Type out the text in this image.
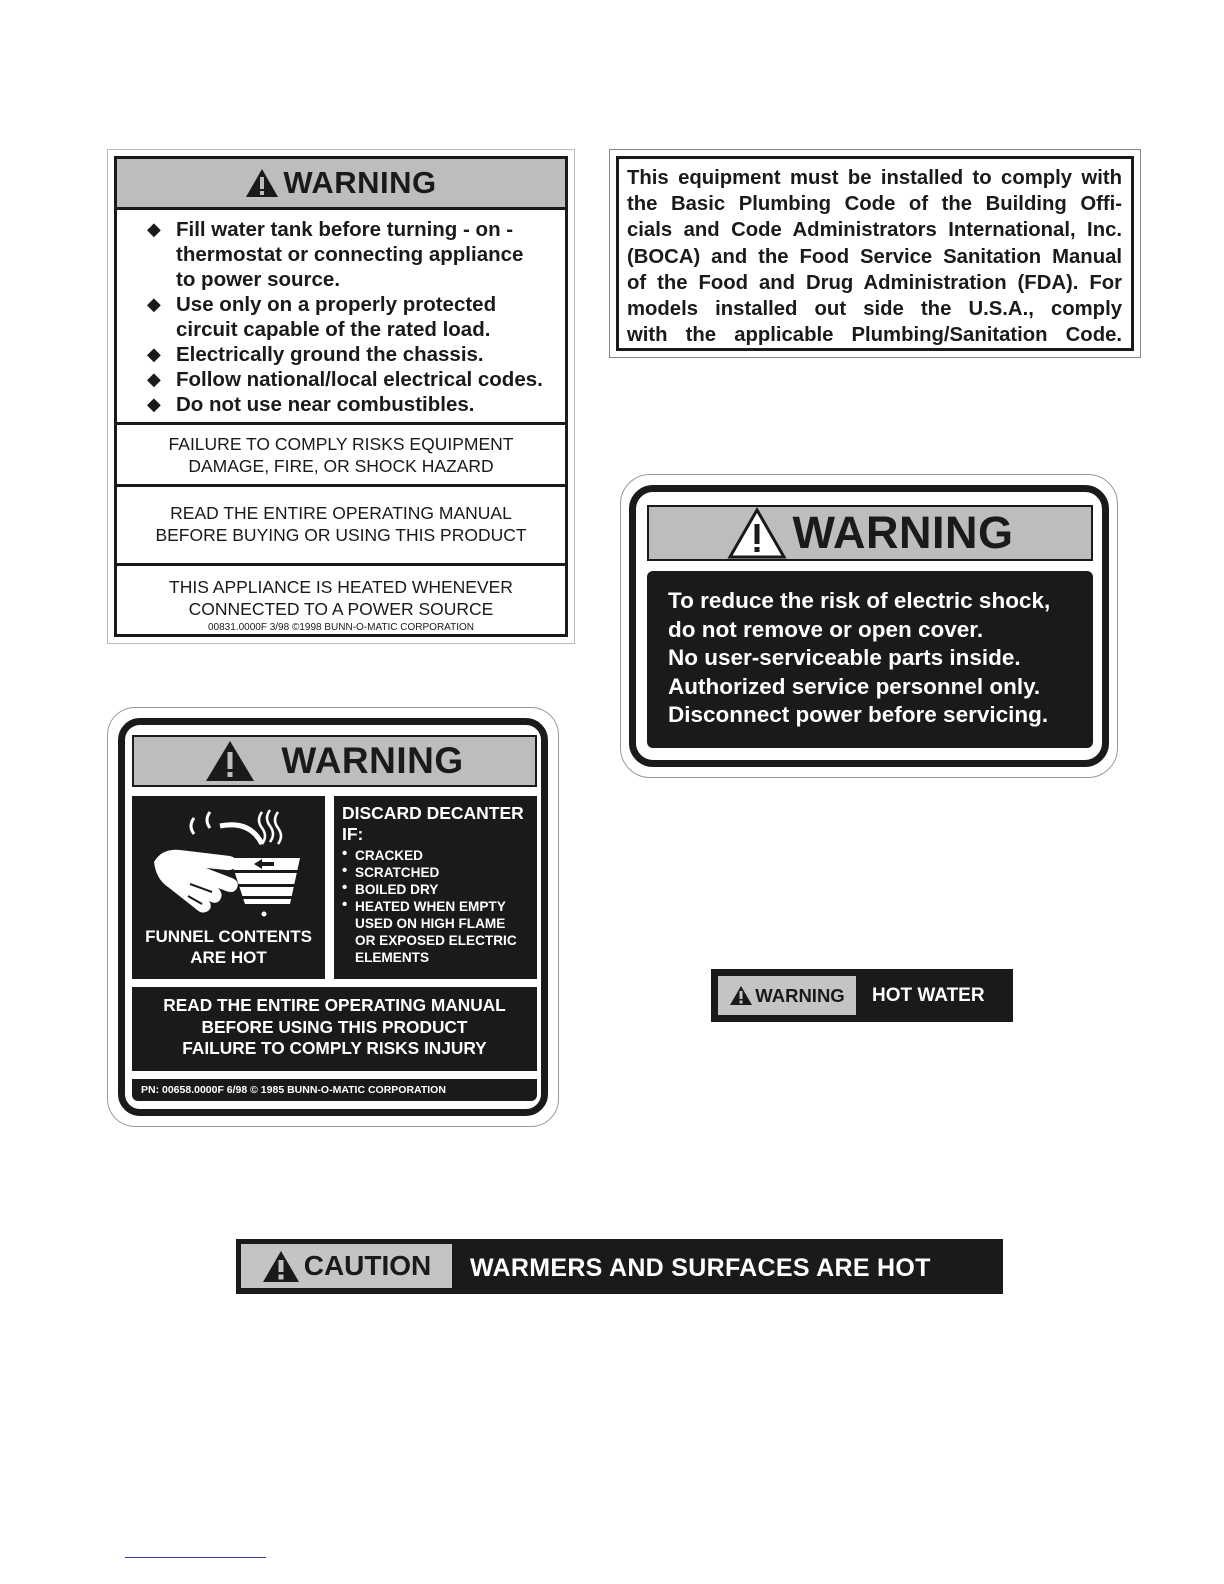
WARNING
◆ Fill water tank before turning - on -
thermostat or connecting appliance
to power source.
◆ Use only on a properly protected
circuit capable of the rated load.
◆ Electrically ground the chassis.
◆ Follow national/local electrical codes.
◆ Do not use near combustibles.
FAILURE TO COMPLY RISKS EQUIPMENT
DAMAGE, FIRE, OR SHOCK HAZARD
READ THE ENTIRE OPERATING MANUAL
BEFORE BUYING OR USING THIS PRODUCT
THIS APPLIANCE IS HEATED WHENEVER
CONNECTED TO A POWER SOURCE
00831.0000F 3/98 ©1998 BUNN-O-MATIC CORPORATION
This equipment must be installed to comply with
the Basic Plumbing Code of the Building Offi-
cials and Code Administrators International, Inc.
(BOCA) and the Food Service Sanitation Manual
of the Food and Drug Administration (FDA). For
models installed out side the U.S.A., comply
with the applicable Plumbing/Sanitation Code.
WARNING
To reduce the risk of electric shock,
do not remove or open cover.
No user-serviceable parts inside.
Authorized service personnel only.
Disconnect power before servicing.
WARNING
FUNNEL CONTENTS
ARE HOT
DISCARD DECANTER
IF:
• CRACKED
• SCRATCHED
• BOILED DRY
• HEATED WHEN EMPTY
USED ON HIGH FLAME
OR EXPOSED ELECTRIC
ELEMENTS
READ THE ENTIRE OPERATING MANUAL
BEFORE USING THIS PRODUCT
FAILURE TO COMPLY RISKS INJURY
PN: 00658.0000F 6/98 © 1985 BUNN-O-MATIC CORPORATION
WARNING HOT WATER
CAUTION WARMERS AND SURFACES ARE HOT
